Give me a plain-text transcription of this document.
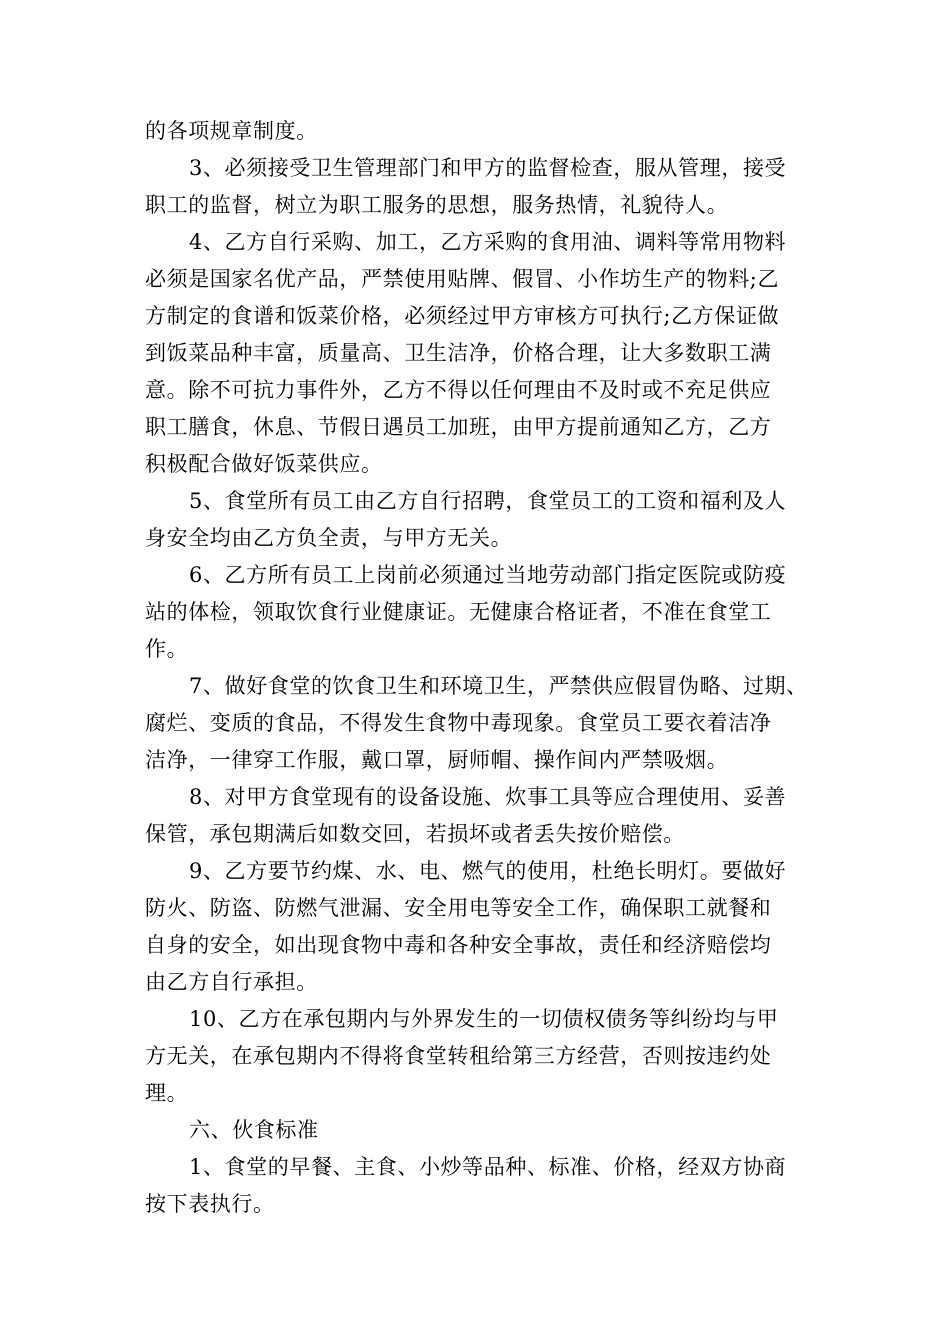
的各项规章制度。
3、必须接受卫生管理部门和甲方的监督检查，服从管理，接受
职工的监督，树立为职工服务的思想，服务热情，礼貌待人。
4、乙方自行采购、加工，乙方采购的食用油、调料等常用物料
必须是国家名优产品，严禁使用贴牌、假冒、小作坊生产的物料;乙
方制定的食谱和饭菜价格，必须经过甲方审核方可执行;乙方保证做
到饭菜品种丰富，质量高、卫生洁净，价格合理，让大多数职工满
意。除不可抗力事件外，乙方不得以任何理由不及时或不充足供应
职工膳食，休息、节假日遇员工加班，由甲方提前通知乙方，乙方
积极配合做好饭菜供应。
5、食堂所有员工由乙方自行招聘，食堂员工的工资和福利及人
身安全均由乙方负全责，与甲方无关。
6、乙方所有员工上岗前必须通过当地劳动部门指定医院或防疫
站的体检，领取饮食行业健康证。无健康合格证者，不准在食堂工
作。
7、做好食堂的饮食卫生和环境卫生，严禁供应假冒伪略、过期、
腐烂、变质的食品，不得发生食物中毒现象。食堂员工要衣着洁净
洁净，一律穿工作服，戴口罩，厨师帽、操作间内严禁吸烟。
8、对甲方食堂现有的设备设施、炊事工具等应合理使用、妥善
保管，承包期满后如数交回，若损坏或者丢失按价赔偿。
9、乙方要节约煤、水、电、燃气的使用，杜绝长明灯。要做好
防火、防盗、防燃气泄漏、安全用电等安全工作，确保职工就餐和
自身的安全，如出现食物中毒和各种安全事故，责任和经济赔偿均
由乙方自行承担。
10、乙方在承包期内与外界发生的一切债权债务等纠纷均与甲
方无关，在承包期内不得将食堂转租给第三方经营，否则按违约处
理。
六、伙食标准
1、食堂的早餐、主食、小炒等品种、标准、价格，经双方协商
按下表执行。
